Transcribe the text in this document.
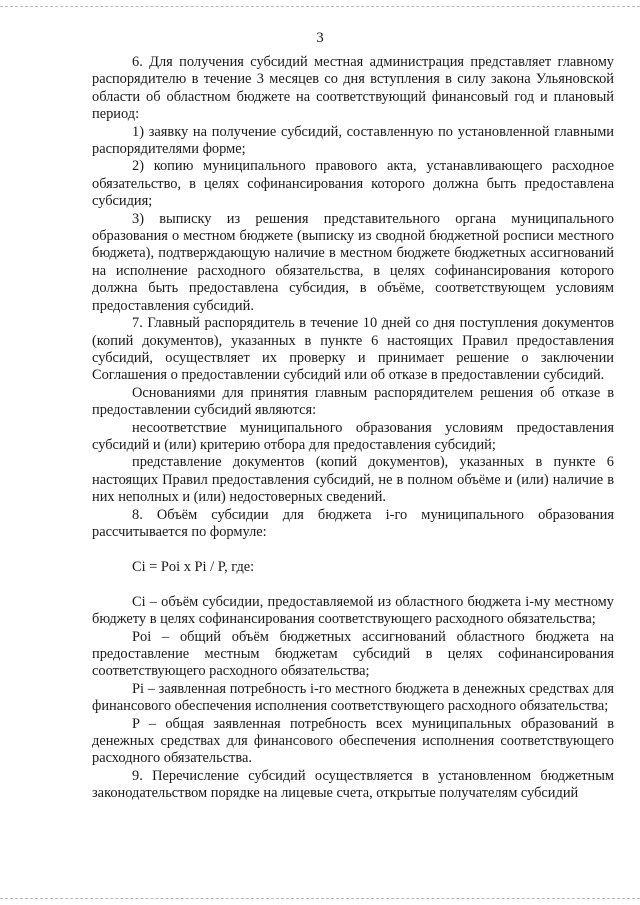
3

6. Для получения субсидий местная администрация представляет главному распорядителю в течение 3 месяцев со дня вступления в силу закона Ульяновской области об областном бюджете на соответствующий финансовый год и плановый период:

1) заявку на получение субсидий, составленную по установленной главными распорядителями форме;

2) копию муниципального правового акта, устанавливающего расходное обязательство, в целях софинансирования которого должна быть предоставлена субсидия;

3) выписку из решения представительного органа муниципального образования о местном бюджете (выписку из сводной бюджетной росписи местного бюджета), подтверждающую наличие в местном бюджете бюджетных ассигнований на исполнение расходного обязательства, в целях софинансирования которого должна быть предоставлена субсидия, в объёме, соответствующем условиям предоставления субсидий.

7. Главный распорядитель в течение 10 дней со дня поступления документов (копий документов), указанных в пункте 6 настоящих Правил предоставления субсидий, осуществляет их проверку и принимает решение о заключении Соглашения о предоставлении субсидий или об отказе в предоставлении субсидий.

Основаниями для принятия главным распорядителем решения об отказе в предоставлении субсидий являются:

несоответствие муниципального образования условиям предоставления субсидий и (или) критерию отбора для предоставления субсидий;

представление документов (копий документов), указанных в пункте 6 настоящих Правил предоставления субсидий, не в полном объёме и (или) наличие в них неполных и (или) недостоверных сведений.

8. Объём субсидии для бюджета i-го муниципального образования рассчитывается по формуле:

Ci = Poi x Pi / P, где:

Ci – объём субсидии, предоставляемой из областного бюджета i-му местному бюджету в целях софинансирования соответствующего расходного обязательства;

Poi – общий объём бюджетных ассигнований областного бюджета на предоставление местным бюджетам субсидий в целях софинансирования соответствующего расходного обязательства;

Pi – заявленная потребность i-го местного бюджета в денежных средствах для финансового обеспечения исполнения соответствующего расходного обязательства;

P – общая заявленная потребность всех муниципальных образований в денежных средствах для финансового обеспечения исполнения соответствующего расходного обязательства.

9. Перечисление субсидий осуществляется в установленном бюджетным законодательством порядке на лицевые счета, открытые получателям субсидий
